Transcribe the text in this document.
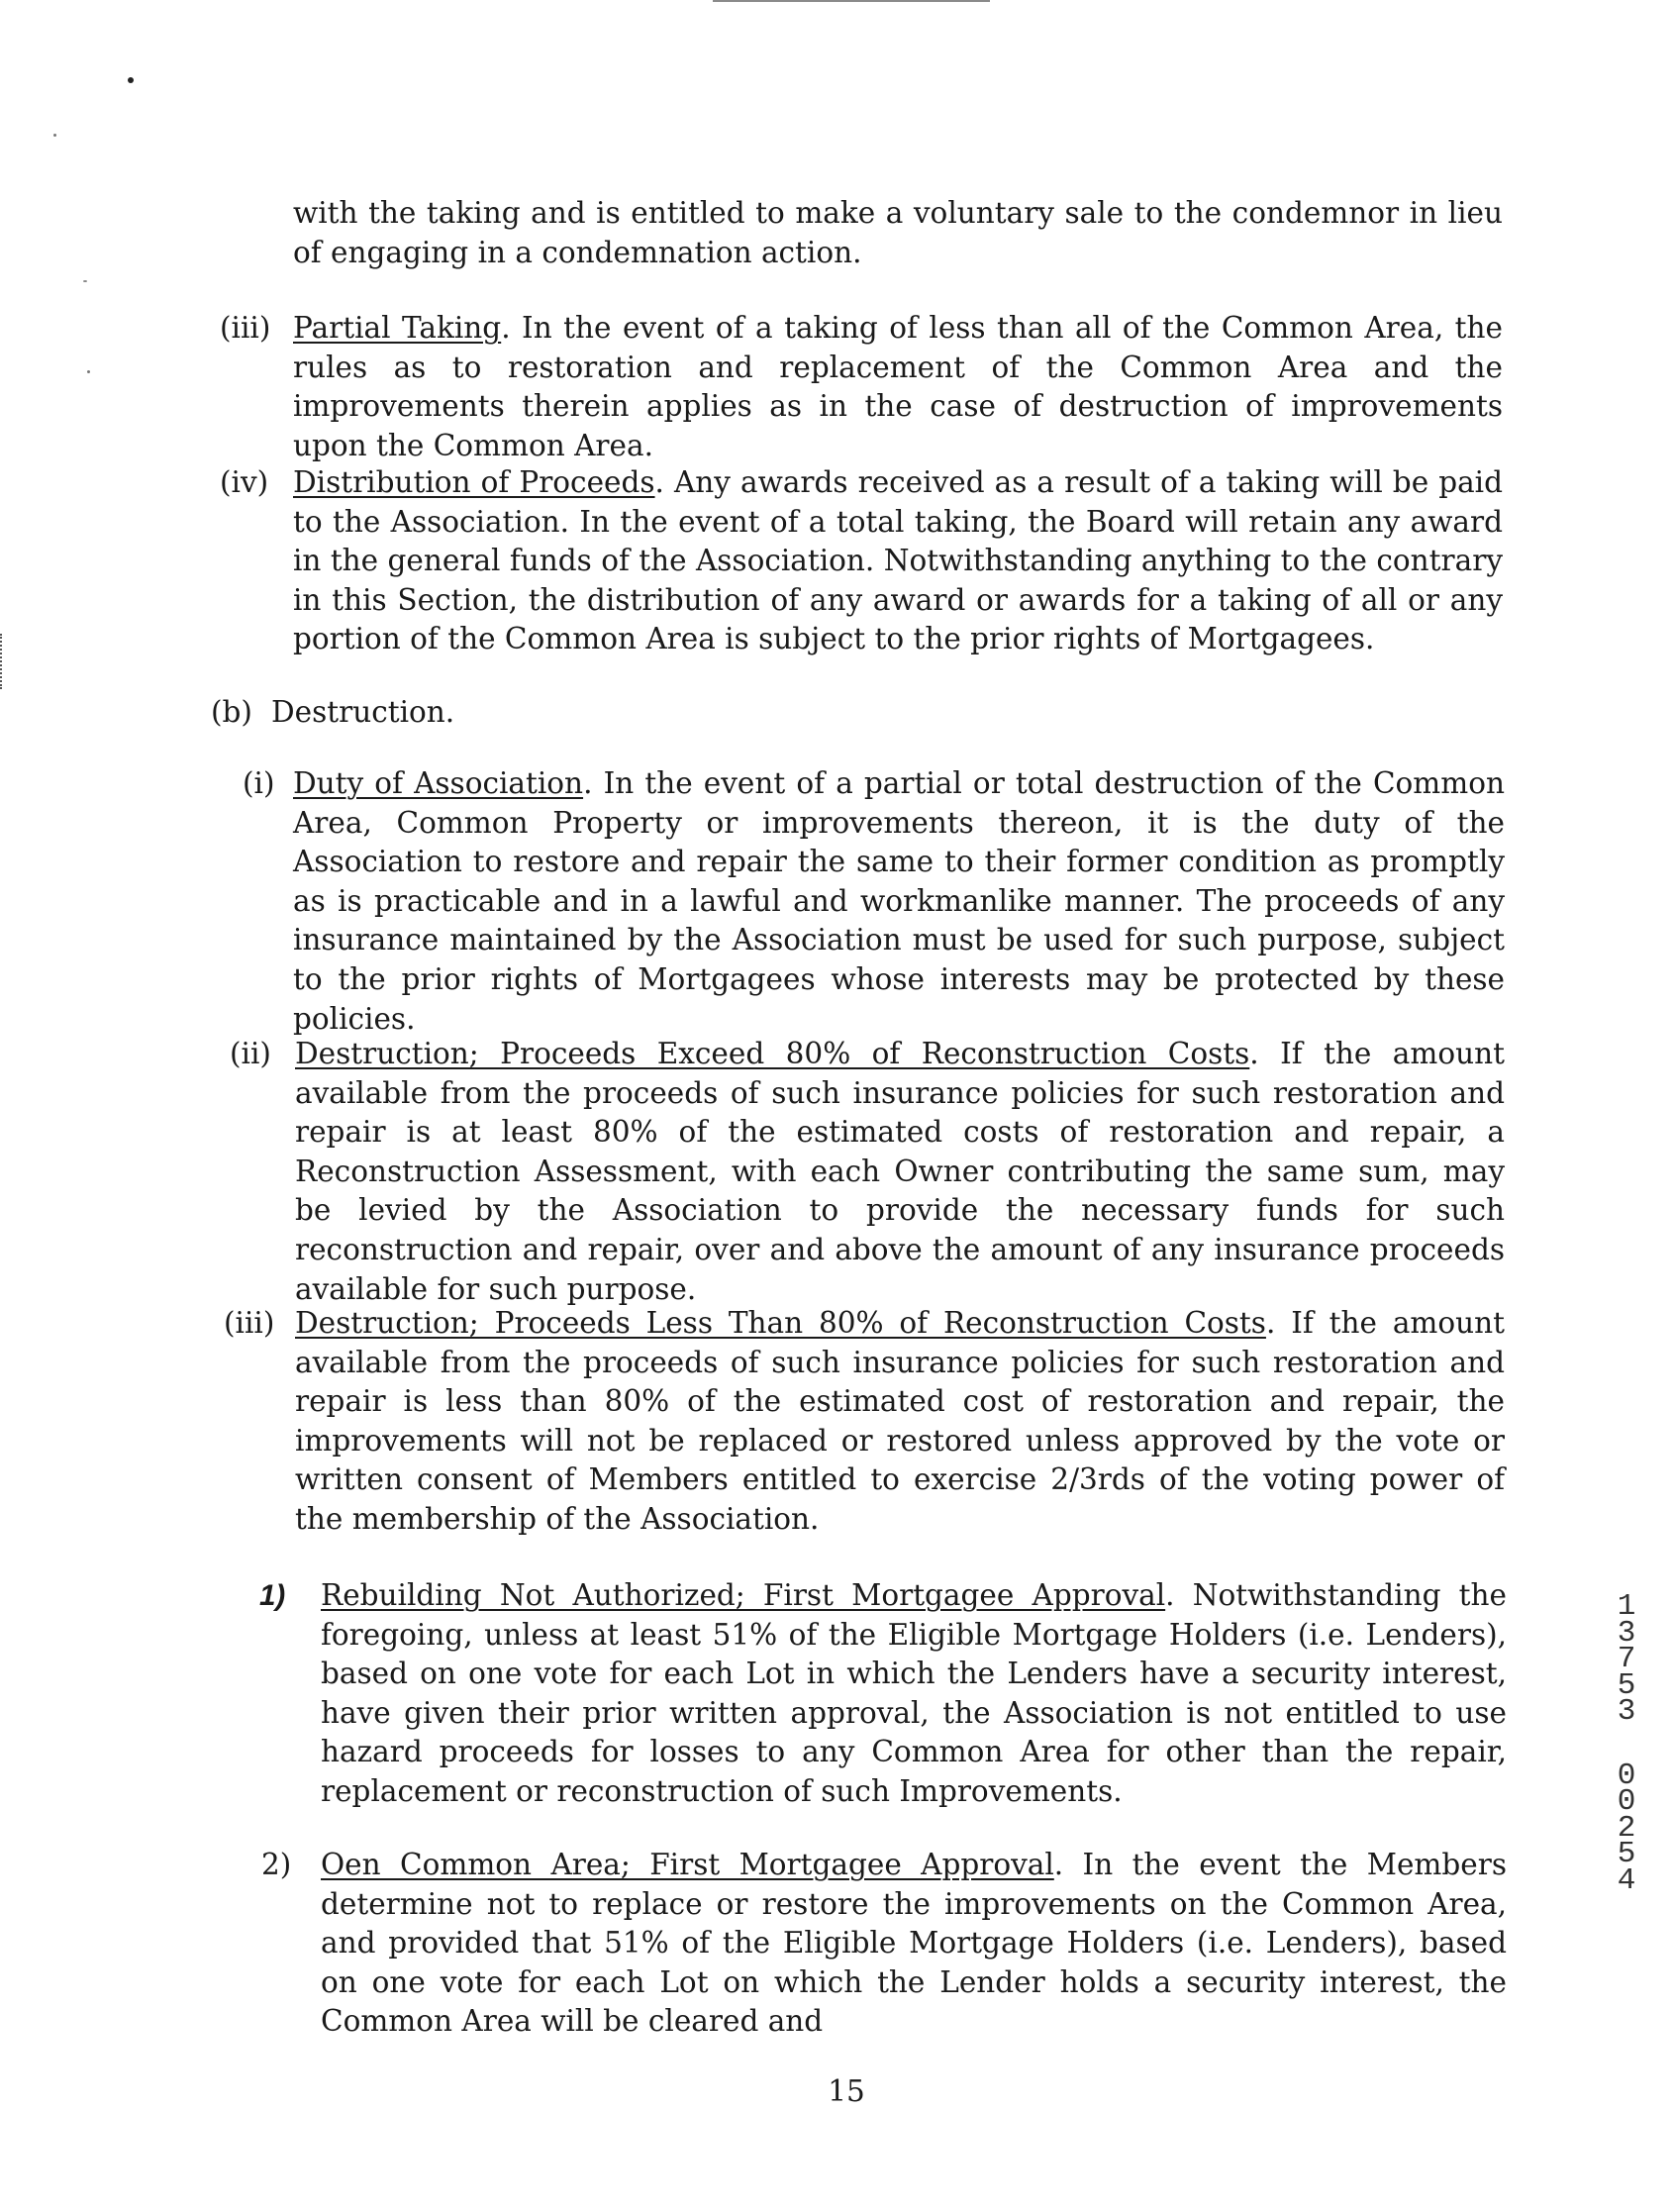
with the taking and is entitled to make a voluntary sale to the condemnor in lieu of engaging in a condemnation action.

(iii) Partial Taking. In the event of a taking of less than all of the Common Area, the rules as to restoration and replacement of the Common Area and the improvements therein applies as in the case of destruction of improvements upon the Common Area.

(iv) Distribution of Proceeds. Any awards received as a result of a taking will be paid to the Association. In the event of a total taking, the Board will retain any award in the general funds of the Association. Notwithstanding anything to the contrary in this Section, the distribution of any award or awards for a taking of all or any portion of the Common Area is subject to the prior rights of Mortgagees.

(b) Destruction.

(i) Duty of Association. In the event of a partial or total destruction of the Common Area, Common Property or improvements thereon, it is the duty of the Association to restore and repair the same to their former condition as promptly as is practicable and in a lawful and workmanlike manner. The proceeds of any insurance maintained by the Association must be used for such purpose, subject to the prior rights of Mortgagees whose interests may be protected by these policies.

(ii) Destruction; Proceeds Exceed 80% of Reconstruction Costs. If the amount available from the proceeds of such insurance policies for such restoration and repair is at least 80% of the estimated costs of restoration and repair, a Reconstruction Assessment, with each Owner contributing the same sum, may be levied by the Association to provide the necessary funds for such reconstruction and repair, over and above the amount of any insurance proceeds available for such purpose.

(iii) Destruction; Proceeds Less Than 80% of Reconstruction Costs. If the amount available from the proceeds of such insurance policies for such restoration and repair is less than 80% of the estimated cost of restoration and repair, the improvements will not be replaced or restored unless approved by the vote or written consent of Members entitled to exercise 2/3rds of the voting power of the membership of the Association.

1) Rebuilding Not Authorized; First Mortgagee Approval. Notwithstanding the foregoing, unless at least 51% of the Eligible Mortgage Holders (i.e. Lenders), based on one vote for each Lot in which the Lenders have a security interest, have given their prior written approval, the Association is not entitled to use hazard proceeds for losses to any Common Area for other than the repair, replacement or reconstruction of such Improvements.

2) Oen Common Area; First Mortgagee Approval. In the event the Members determine not to replace or restore the improvements on the Common Area, and provided that 51% of the Eligible Mortgage Holders (i.e. Lenders), based on one vote for each Lot on which the Lender holds a security interest, the Common Area will be cleared and

1
3
7
5
3
0
0
2
5
4

15
